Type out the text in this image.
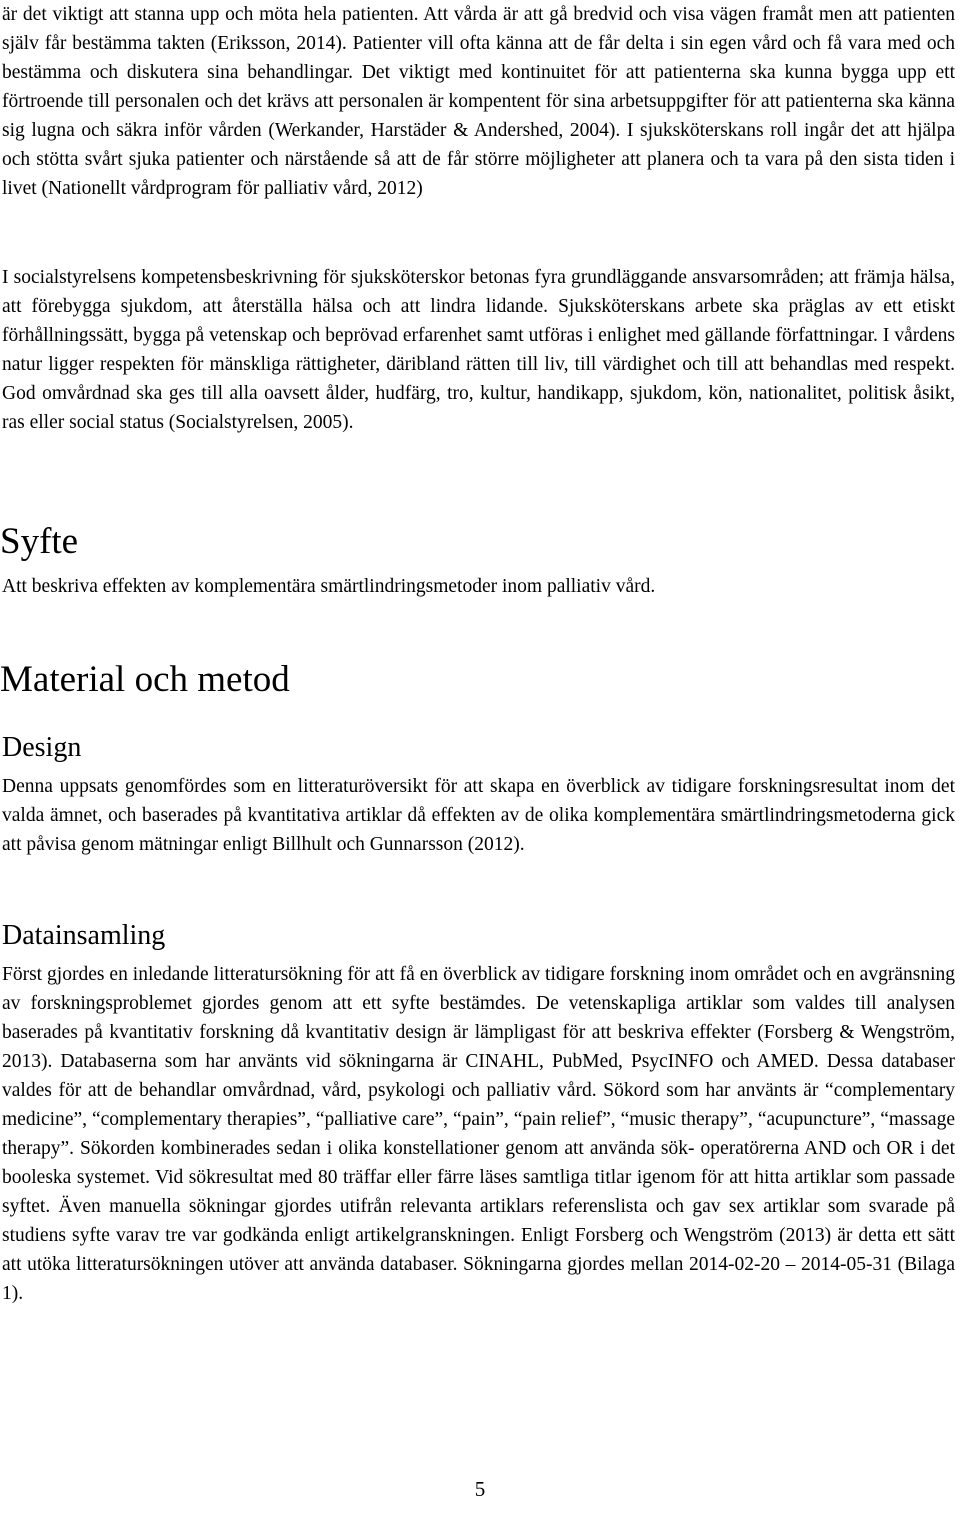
är det viktigt att stanna upp och möta hela patienten. Att vårda är att gå bredvid och visa vägen framåt men att patienten själv får bestämma takten (Eriksson, 2014). Patienter vill ofta känna att de får delta i sin egen vård och få vara med och bestämma och diskutera sina behandlingar. Det viktigt med kontinuitet för att patienterna ska kunna bygga upp ett förtroende till personalen och det krävs att personalen är kompentent för sina arbetsuppgifter för att patienterna ska känna sig lugna och säkra inför vården (Werkander, Harstäder & Andershed, 2004). I sjuksköterskans roll ingår det att hjälpa och stötta svårt sjuka patienter och närstående så att de får större möjligheter att planera och ta vara på den sista tiden i livet (Nationellt vårdprogram för palliativ vård, 2012)

I socialstyrelsens kompetensbeskrivning för sjuksköterskor betonas fyra grundläggande ansvarsområden; att främja hälsa, att förebygga sjukdom, att återställa hälsa och att lindra lidande. Sjuksköterskans arbete ska präglas av ett etiskt förhållningssätt, bygga på vetenskap och beprövad erfarenhet samt utföras i enlighet med gällande författningar. I vårdens natur ligger respekten för mänskliga rättigheter, däribland rätten till liv, till värdighet och till att behandlas med respekt. God omvårdnad ska ges till alla oavsett ålder, hudfärg, tro, kultur, handikapp, sjukdom, kön, nationalitet, politisk åsikt, ras eller social status (Socialstyrelsen, 2005).

Syfte

Att beskriva effekten av komplementära smärtlindringsmetoder inom palliativ vård.

Material och metod
Design

Denna uppsats genomfördes som en litteraturöversikt för att skapa en överblick av tidigare forskningsresultat inom det valda ämnet, och baserades på kvantitativa artiklar då effekten av de olika komplementära smärtlindringsmetoderna gick att påvisa genom mätningar enligt Billhult och Gunnarsson (2012).

Datainsamling

Först gjordes en inledande litteratursökning för att få en överblick av tidigare forskning inom området och en avgränsning av forskningsproblemet gjordes genom att ett syfte bestämdes. De vetenskapliga artiklar som valdes till analysen baserades på kvantitativ forskning då kvantitativ design är lämpligast för att beskriva effekter (Forsberg & Wengström, 2013). Databaserna som har använts vid sökningarna är CINAHL, PubMed, PsycINFO och AMED. Dessa databaser valdes för att de behandlar omvårdnad, vård, psykologi och palliativ vård. Sökord som har använts är “complementary medicine”, “complementary therapies”, “palliative care”, “pain”, “pain relief”, “music therapy”, “acupuncture”, “massage therapy”. Sökorden kombinerades sedan i olika konstellationer genom att använda sök- operatörerna AND och OR i det booleska systemet. Vid sökresultat med 80 träffar eller färre läses samtliga titlar igenom för att hitta artiklar som passade syftet. Även manuella sökningar gjordes utifrån relevanta artiklars referenslista och gav sex artiklar som svarade på studiens syfte varav tre var godkända enligt artikelgranskningen. Enligt Forsberg och Wengström (2013) är detta ett sätt att utöka litteratursökningen utöver att använda databaser. Sökningarna gjordes mellan 2014-02-20 – 2014-05-31 (Bilaga 1).

5
